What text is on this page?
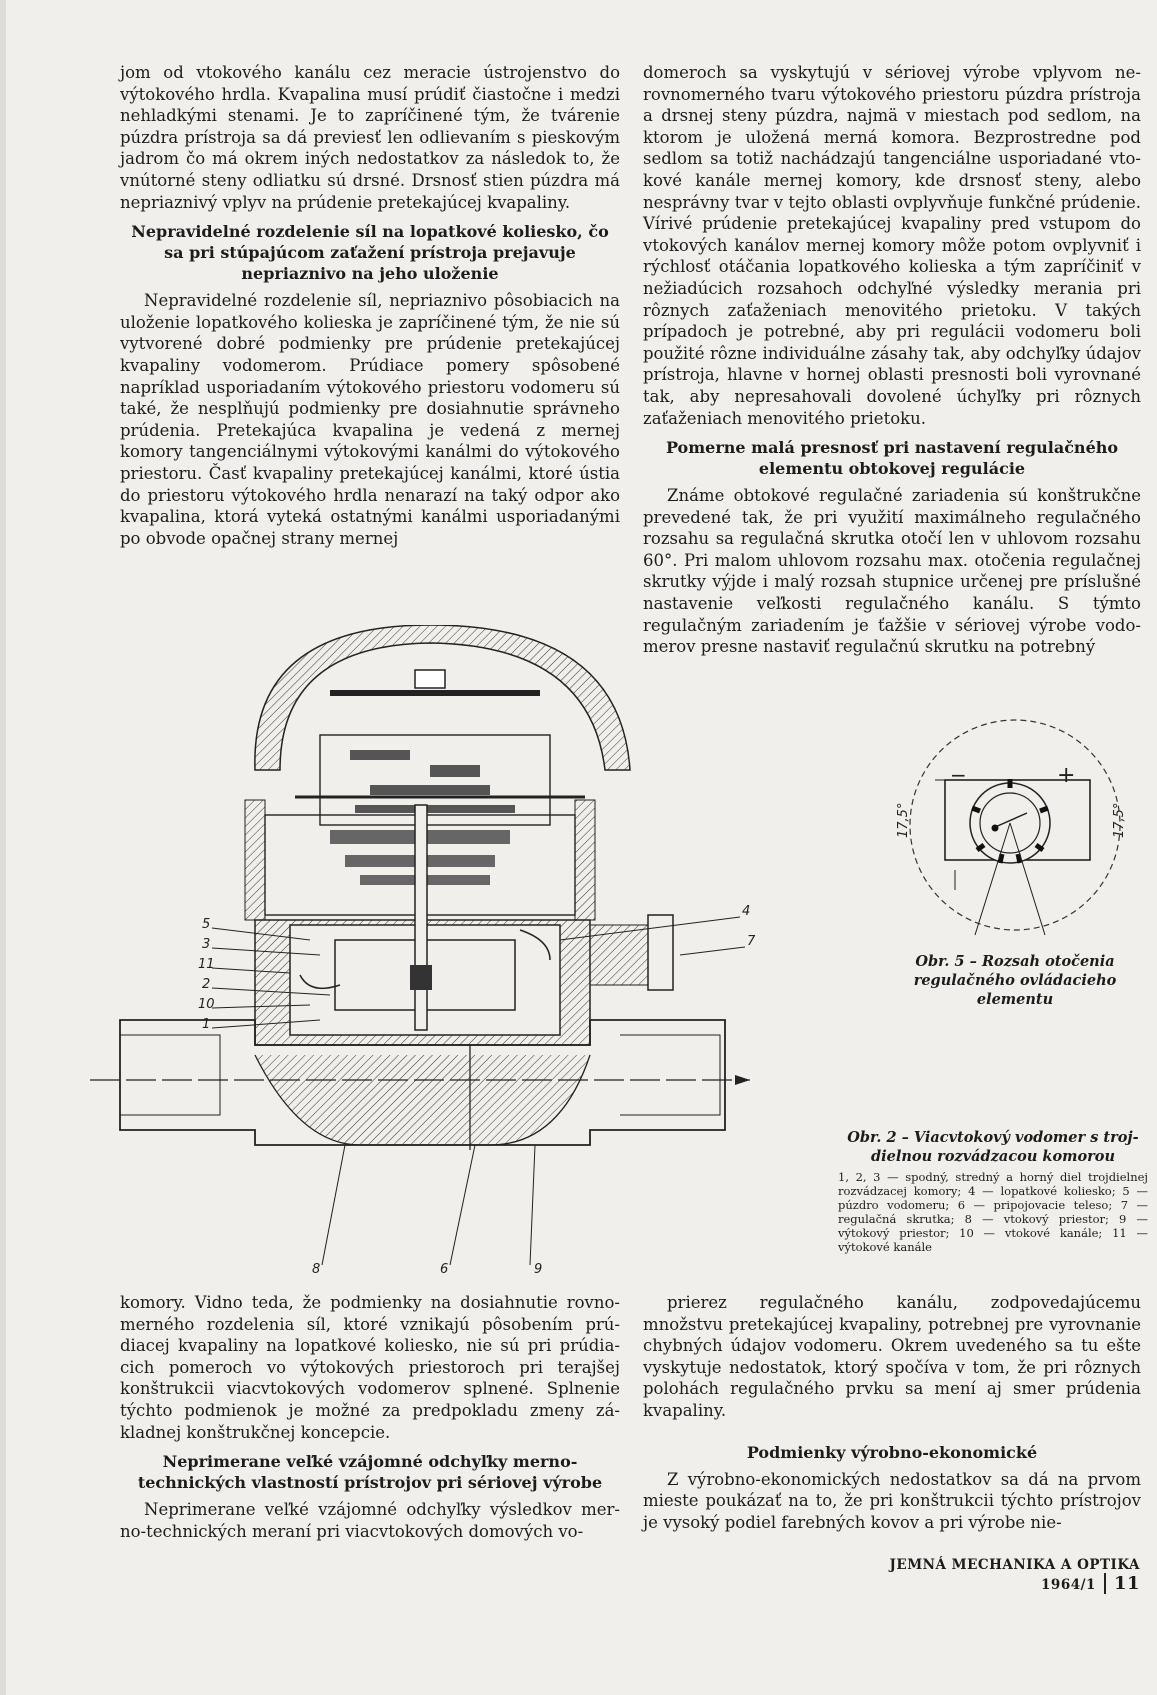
jom od vtokového kanálu cez meracie ústrojenstvo do výtokového hrdla. Kvapalina musí prúdiť čiastočne i medzi nehladkými stenami. Je to zapríčinené tým, že tvárenie púzdra prístroja sa dá previesť len odlievaním s pieskovým jadrom čo má okrem iných nedostatkov za následok to, že vnútorné steny odliatku sú drsné. Drsnosť stien púzdra má nepriaznivý vplyv na prúdenie pretekajúcej kvapaliny.

Nepravidelné rozdelenie síl na lopatkové koliesko, čo sa pri stúpajúcom zaťažení prístroja prejavuje nepriaznivo na jeho uloženie

Nepravidelné rozdelenie síl, nepriaznivo pôsobiacich na uloženie lopatkového kolieska je zapríčinené tým, že nie sú vytvorené dobré podmienky pre prúdenie pretekajúcej kvapaliny vodomerom. Prúdiace pomery spôsobené napríklad usporiadaním výtokového priestoru vodomeru sú také, že nesplňujú podmienky pre dosiahnutie správneho prúdenia. Pretekajúca kvapalina je vedená z mernej komory tangenciálnymi výtokovými kanálmi do výtokového priestoru. Časť kvapaliny pretekajúcej kanálmi, ktoré ústia do priestoru výtokového hrdla nenarazí na taký odpor ako kvapalina, ktorá vyteká ostatnými kanálmi usporiadanými po obvode opačnej strany mernej

domeroch sa vyskytujú v sériovej výrobe vplyvom nerovnomerného tvaru výtokového priestoru púzdra prístroja a drsnej steny púzdra, najmä v miestach pod sedlom, na ktorom je uložená merná komora. Bezprostredne pod sedlom sa totiž nachádzajú tangenciálne usporiadané vtokové kanále mernej komory, kde drsnosť steny, alebo nesprávny tvar v tejto oblasti ovplyvňuje funkčné prúdenie. Vírivé prúdenie pretekajúcej kvapaliny pred vstupom do vtokových kanálov mernej komory môže potom ovplyvniť i rýchlosť otáčania lopatkového kolieska a tým zapríčiniť v nežiadúcich rozsahoch odchyľné výsledky merania pri rôznych zaťaženiach menovitého prietoku. V takých prípadoch je potrebné, aby pri regulácii vodomeru boli použité rôzne individuálne zásahy tak, aby odchyľky údajov prístroja, hlavne v hornej oblasti presnosti boli vyrovnané tak, aby nepresahovali dovolené úchyľky pri rôznych zaťaženiach menovitého prietoku.

Pomerne malá presnosť pri nastavení regulačného elementu obtokovej regulácie

Známe obtokové regulačné zariadenia sú konštrukčne prevedené tak, že pri využití maximálneho regulačného rozsahu sa regulačná skrutka otočí len v uhlovom rozsahu 60°. Pri malom uhlovom rozsahu max. otočenia regulačnej skrutky výjde i malý rozsah stupnice určenej pre príslušné nastavenie veľkosti regulačného kanálu. S týmto regulačným zariadením je ťažšie v sériovej výrobe vodomerov presne nastaviť regulačnú skrutku na potrebný

17,5°	17,5°
−	+
Obr. 5 – Rozsah otočenia regulačného ovládacieho elementu
5
3
11
2
10
1
4
7
8	6	9
Obr. 2 – Viacvtokový vodomer s trojdielnou rozvádzacou komorou
1, 2, 3 — spodný, stredný a horný diel trojdielnej rozvádzacej komory; 4 — lopatkové koliesko; 5 — púzdro vodomeru; 6 — pripojovacie teleso; 7 — regulačná skrutka; 8 — vtokový priestor; 9 — výtokový priestor; 10 — vtokové kanále; 11 — výtokové kanále

komory. Vidno teda, že podmienky na dosiahnutie rovnomerného rozdelenia síl, ktoré vznikajú pôsobením prúdiacej kvapaliny na lopatkové koliesko, nie sú pri prúdiacich pomeroch vo výtokových priestoroch pri terajšej konštrukcii viacvtokových vodomerov splnené. Splnenie týchto podmienok je možné za predpokladu zmeny základnej konštrukčnej koncepcie.

Neprimerane veľké vzájomné odchyľky merno-technických vlastností prístrojov pri sériovej výrobe

Neprimerane veľké vzájomné odchyľky výsledkov merno-technických meraní pri viacvtokových domových vo-

prierez regulačného kanálu, zodpovedajúcemu množstvu pretekajúcej kvapaliny, potrebnej pre vyrovnanie chybných údajov vodomeru. Okrem uvedeného sa tu ešte vyskytuje nedostatok, ktorý spočíva v tom, že pri rôznych polohách regulačného prvku sa mení aj smer prúdenia kvapaliny.

Podmienky výrobno-ekonomické

Z výrobno-ekonomických nedostatkov sa dá na prvom mieste poukázať na to, že pri konštrukcii týchto prístrojov je vysoký podiel farebných kovov a pri výrobe nie-

JEMNÁ MECHANIKA A OPTIKA 1964/1 11
